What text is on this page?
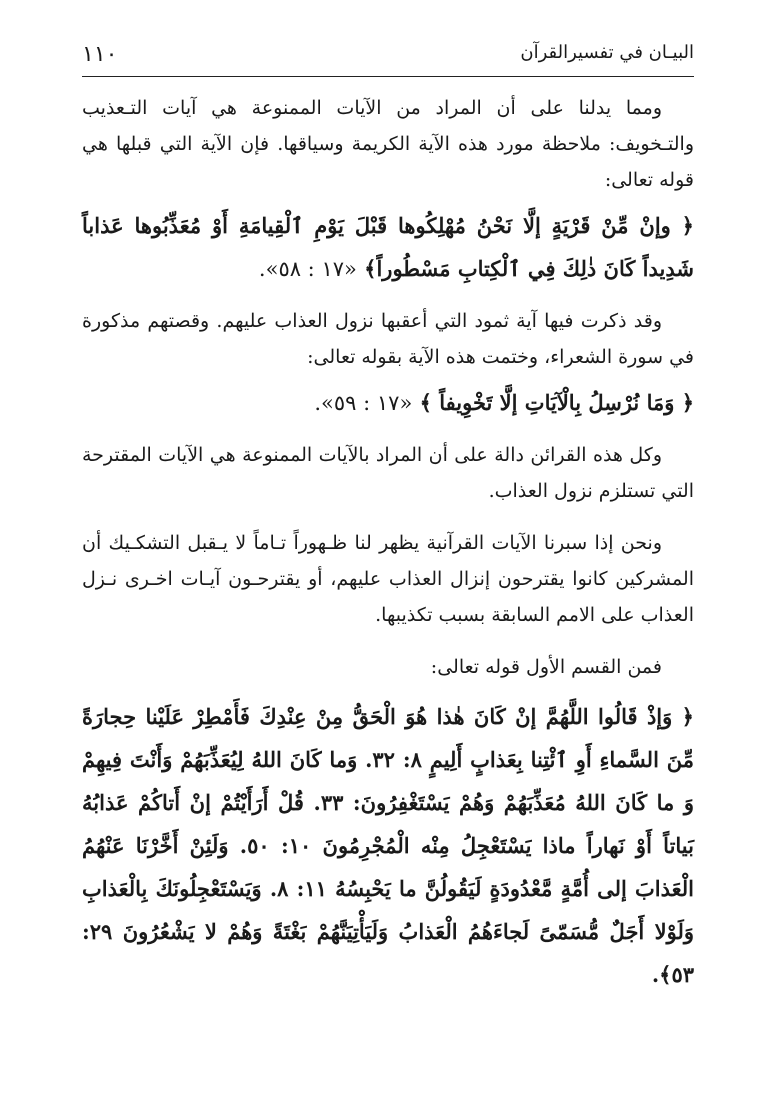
١١٠	البيـان في تفسيرالقرآن

ومما يدلنا على أن المراد من الآيات الممنوعة هي آيات التـعذيب والتـخويف: ملاحظة مورد هذه الآية الكريمة وسياقها. فإن الآية التي قبلها هي قوله تعالى:

﴿ وإنْ مِّنْ قَرْيَةٍ إلَّا نَحْنُ مُهْلِكُوها قَبْلَ يَوْمِ ٱلْقِيامَةِ أَوْ مُعَذِّبُوها عَذاباً شَدِيداً كَانَ ذٰلِكَ فِي ٱلْكِتابِ مَسْطُوراً﴾ «١٧ : ٥٨».

وقد ذكرت فيها آية ثمود التي أعقبها نزول العذاب عليهم. وقصتهم مذكورة في سورة الشعراء، وختمت هذه الآية بقوله تعالى:

﴿ وَمَا نُرْسِلُ بِالْآيَاتِ إلَّا تَخْوِيفاً ﴾ «١٧ : ٥٩».

وكل هذه القرائن دالة على أن المراد بالآيات الممنوعة هي الآيات المقترحة التي تستلزم نزول العذاب.

ونحن إذا سبرنا الآيات القرآنية يظهر لنا ظـهوراً تـاماً لا يـقبل التشكـيك أن المشركين كانوا يقترحون إنزال العذاب عليهم، أو يقترحـون آيـات اخـرى نـزل العذاب على الامم السابقة بسبب تكذيبها.

فمن القسم الأول قوله تعالى:

﴿ وَإذْ قَالُوا اللَّهُمَّ إنْ كَانَ هٰذا هُوَ الْحَقُّ مِنْ عِنْدِكَ فَأَمْطِرْ عَلَيْنا حِجارَةً مِّنَ السَّماءِ أَوِ ٱئْتِنا بِعَذابٍ أَلِيمٍ ٨: ٣٢. وَما كَانَ اللهُ لِيُعَذِّبَهُمْ وَأَنْتَ فِيهِمْ وَ ما كَانَ اللهُ مُعَذِّبَهُمْ وَهُمْ يَسْتَغْفِرُونَ: ٣٣. قُلْ أَرَأَيْتُمْ إنْ أَتاكُمْ عَذابُهُ بَياتاً أَوْ نَهاراً ماذا يَسْتَعْجِلُ مِنْه الْمُجْرِمُونَ ١٠: ٥٠. وَلَئِنْ أَخَّرْنَا عَنْهُمُ الْعَذابَ إلى أُمَّةٍ مَّعْدُودَةٍ لَيَقُولُنَّ ما يَحْبِسُهُ ١١: ٨. وَيَسْتَعْجِلُونَكَ بِالْعَذابِ وَلَوْلا أَجَلٌ مُّسَمّىً لَجاءَهُمُ الْعَذابُ وَلَيَأْتِيَنَّهُمْ بَغْتَةً وَهُمْ لا يَشْعُرُونَ ٢٩: ٥٣﴾.
